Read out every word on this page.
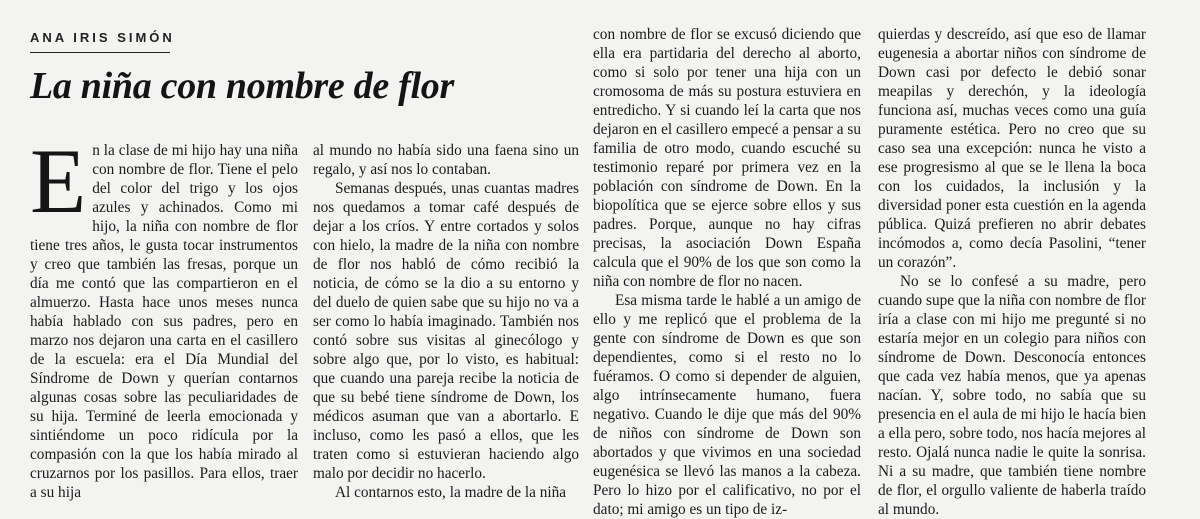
ANA IRIS SIMÓN
La niña con nombre de flor
E n la clase de mi hijo hay una niña con nombre de flor. Tiene el pelo del color del trigo y los ojos azules y achinados. Como mi hijo, la niña con nombre de flor tiene tres años, le gusta tocar instrumentos y creo que también las fresas, porque un día me contó que las compartieron en el almuerzo. Hasta hace unos meses nunca había hablado con sus padres, pero en marzo nos dejaron una carta en el casillero de la escuela: era el Día Mundial del Síndrome de Down y querían contarnos algunas cosas sobre las peculiaridades de su hija. Terminé de leerla emocionada y sintiéndome un poco ridícula por la compasión con la que los había mirado al cruzarnos por los pasillos. Para ellos, traer a su hija

al mundo no había sido una faena sino un regalo, y así nos lo contaban.

Semanas después, unas cuantas madres nos quedamos a tomar café después de dejar a los críos. Y entre cortados y solos con hielo, la madre de la niña con nombre de flor nos habló de cómo recibió la noticia, de cómo se la dio a su entorno y del duelo de quien sabe que su hijo no va a ser como lo había imaginado. También nos contó sobre sus visitas al ginecólogo y sobre algo que, por lo visto, es habitual: que cuando una pareja recibe la noticia de que su bebé tiene síndrome de Down, los médicos asuman que van a abortarlo. E incluso, como les pasó a ellos, que les traten como si estuvieran haciendo algo malo por decidir no hacerlo.

Al contarnos esto, la madre de la niña

con nombre de flor se excusó diciendo que ella era partidaria del derecho al aborto, como si solo por tener una hija con un cromosoma de más su postura estuviera en entredicho. Y si cuando leí la carta que nos dejaron en el casillero empecé a pensar a su familia de otro modo, cuando escuché su testimonio reparé por primera vez en la población con síndrome de Down. En la biopolítica que se ejerce sobre ellos y sus padres. Porque, aunque no hay cifras precisas, la asociación Down España calcula que el 90% de los que son como la niña con nombre de flor no nacen.

Esa misma tarde le hablé a un amigo de ello y me replicó que el problema de la gente con síndrome de Down es que son dependientes, como si el resto no lo fuéramos. O como si depender de alguien, algo intrínsecamente humano, fuera negativo. Cuando le dije que más del 90% de niños con síndrome de Down son abortados y que vivimos en una sociedad eugenésica se llevó las manos a la cabeza. Pero lo hizo por el calificativo, no por el dato; mi amigo es un tipo de iz-

quierdas y descreído, así que eso de llamar eugenesia a abortar niños con síndrome de Down casi por defecto le debió sonar meapilas y derechón, y la ideología funciona así, muchas veces como una guía puramente estética. Pero no creo que su caso sea una excepción: nunca he visto a ese progresismo al que se le llena la boca con los cuidados, la inclusión y la diversidad poner esta cuestión en la agenda pública. Quizá prefieren no abrir debates incómodos a, como decía Pasolini, “tener un corazón”.

No se lo confesé a su madre, pero cuando supe que la niña con nombre de flor iría a clase con mi hijo me pregunté si no estaría mejor en un colegio para niños con síndrome de Down. Desconocía entonces que cada vez había menos, que ya apenas nacían. Y, sobre todo, no sabía que su presencia en el aula de mi hijo le hacía bien a ella pero, sobre todo, nos hacía mejores al resto. Ojalá nunca nadie le quite la sonrisa. Ni a su madre, que también tiene nombre de flor, el orgullo valiente de haberla traído al mundo.
